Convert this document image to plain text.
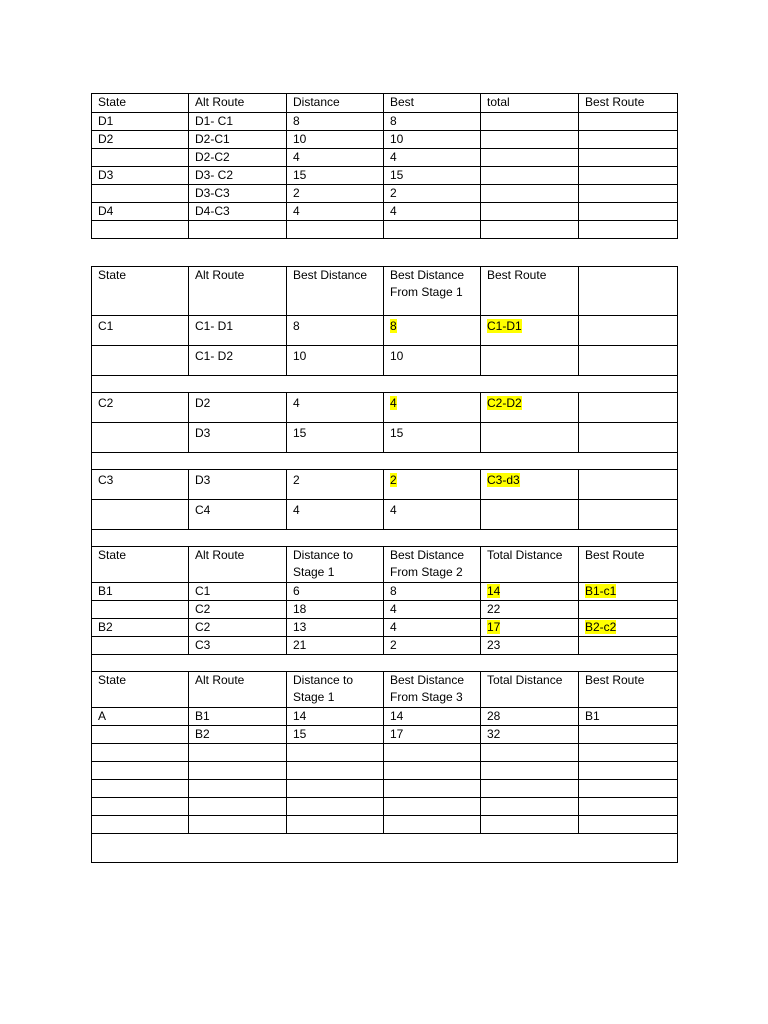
State	Alt Route	Distance	Best	total	Best Route
D1	D1- C1	8	8		
D2	D2-C1	10	10		
	D2-C2	4	4		
D3	D3- C2	15	15		
	D3-C3	2	2		
D4	D4-C3	4	4		

State	Alt Route	Best Distance	Best Distance From Stage 1	Best Route	
C1	C1- D1	8	8	C1-D1	
	C1- D2	10	10		

C2	D2	4	4	C2-D2	
	D3	15	15		

C3	D3	2	2	C3-d3	
	C4	4	4		

State	Alt Route	Distance to Stage 1	Best Distance From Stage 2	Total Distance	Best Route
B1	C1	6	8	14	B1-c1
	C2	18	4	22	
B2	C2	13	4	17	B2-c2
	C3	21	2	23	

State	Alt Route	Distance to Stage 1	Best Distance From Stage 3	Total Distance	Best Route
A	B1	14	14	28	B1
	B2	15	17	32	
